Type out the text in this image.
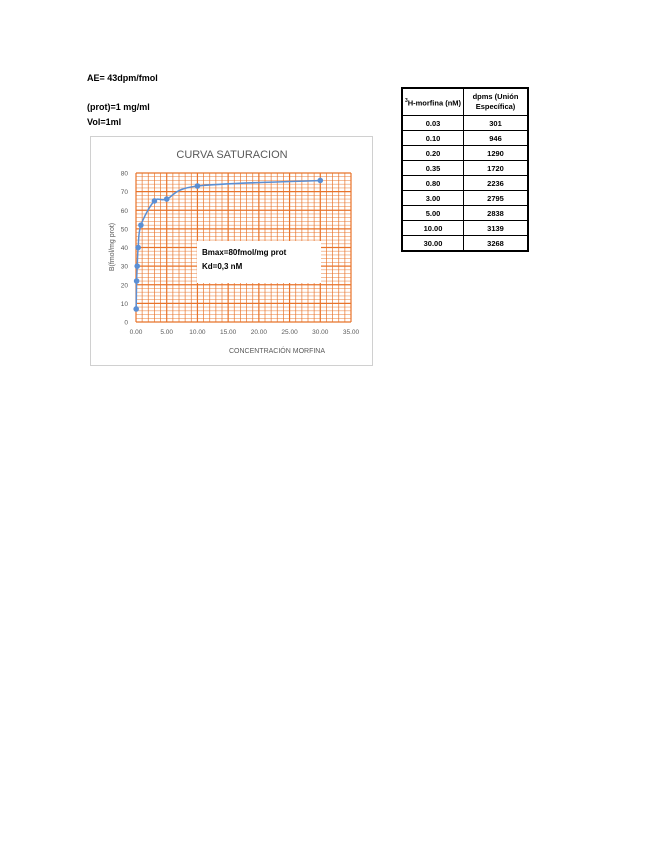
AE= 43dpm/fmol
(prot)=1 mg/ml
Vol=1ml
CURVA SATURACION
0
10
20
30
40
50
60
70
80
0.00	5.00 10.00 15.00 20.00 25.00 30.00 35.00
Bmax=80fmol/mg prot
Kd=0,3 nM
CONCENTRACIÓN MORFINA
B(fmol/mg prot)
$^3$H-morfina (nM)	dpms (Unión Específica)
0.03	301
0.10	946
0.20	1290
0.35	1720
0.80	2236
3.00	2795
5.00	2838
10.00	3139
30.00	3268
